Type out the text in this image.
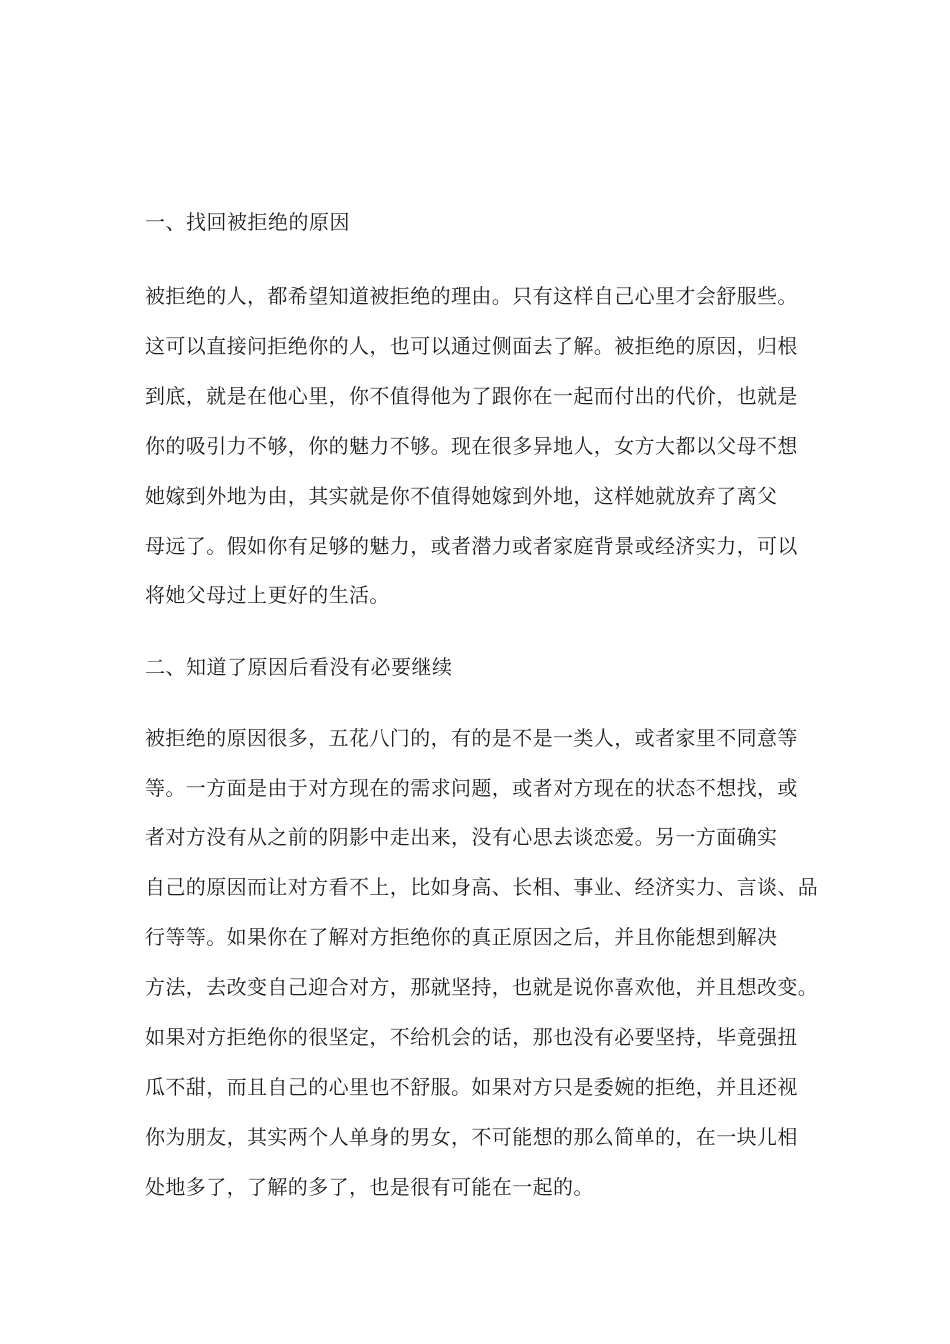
一、找回被拒绝的原因
被拒绝的人，都希望知道被拒绝的理由。只有这样自己心里才会舒服些。
这可以直接问拒绝你的人，也可以通过侧面去了解。被拒绝的原因，归根
到底，就是在他心里，你不值得他为了跟你在一起而付出的代价，也就是
你的吸引力不够，你的魅力不够。现在很多异地人，女方大都以父母不想
她嫁到外地为由，其实就是你不值得她嫁到外地，这样她就放弃了离父
母远了。假如你有足够的魅力，或者潜力或者家庭背景或经济实力，可以
将她父母过上更好的生活。
二、知道了原因后看没有必要继续
被拒绝的原因很多，五花八门的，有的是不是一类人，或者家里不同意等
等。一方面是由于对方现在的需求问题，或者对方现在的状态不想找，或
者对方没有从之前的阴影中走出来，没有心思去谈恋爱。另一方面确实
自己的原因而让对方看不上，比如身高、长相、事业、经济实力、言谈、品
行等等。如果你在了解对方拒绝你的真正原因之后，并且你能想到解决
方法，去改变自己迎合对方，那就坚持，也就是说你喜欢他，并且想改变。
如果对方拒绝你的很坚定，不给机会的话，那也没有必要坚持，毕竟强扭
瓜不甜，而且自己的心里也不舒服。如果对方只是委婉的拒绝，并且还视
你为朋友，其实两个人单身的男女，不可能想的那么简单的，在一块儿相
处地多了，了解的多了，也是很有可能在一起的。
